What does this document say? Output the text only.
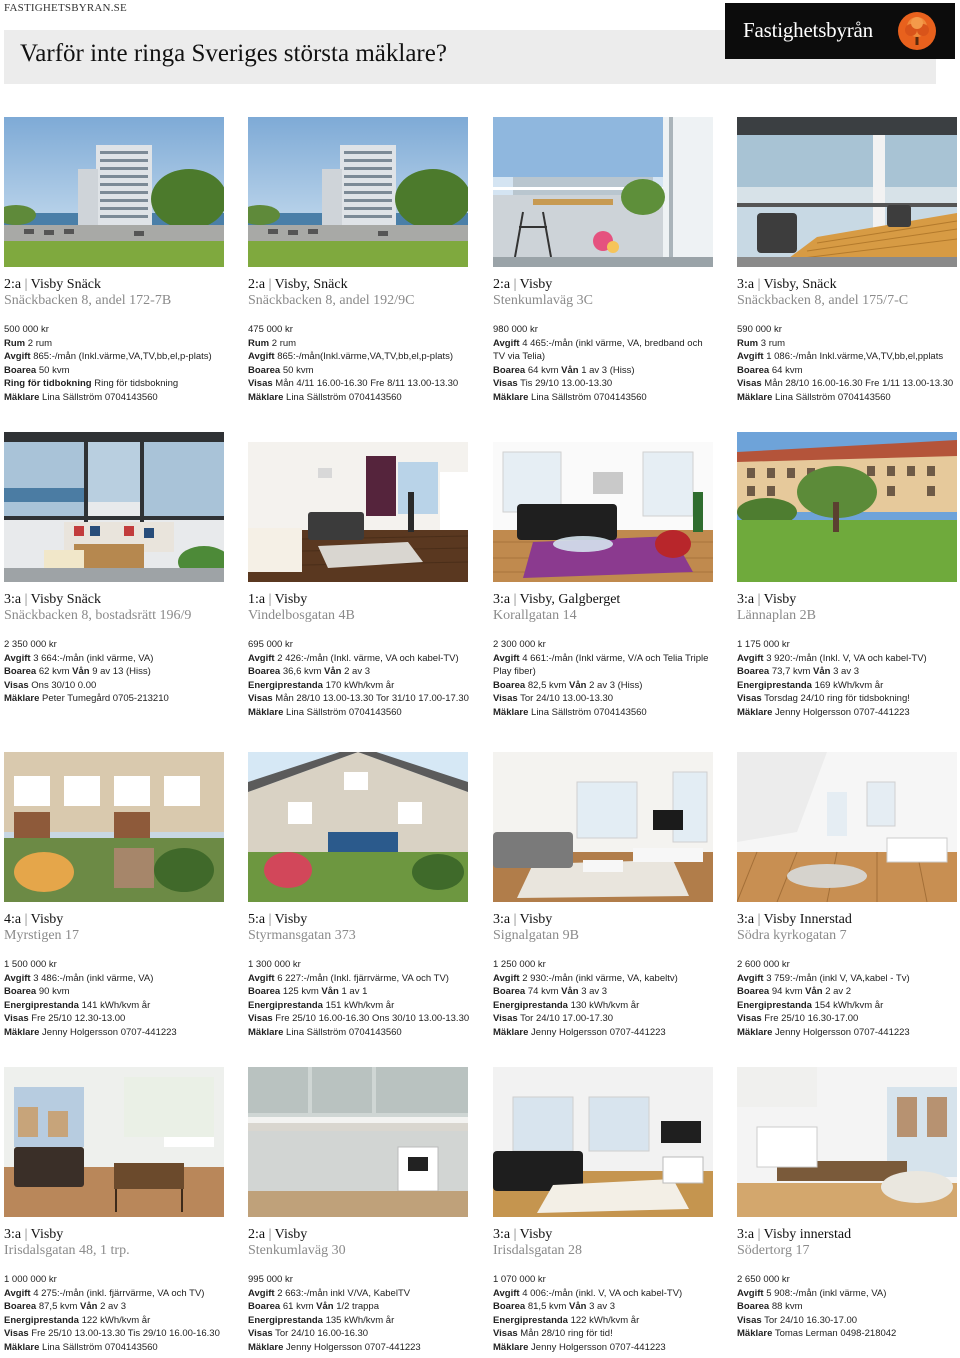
FASTIGHETSBYRAN.SE
Varför inte ringa Sveriges största mäklare?
Fastighetsbyrån
2:a | Visby Snäck
Snäckbacken 8, andel 172-7B
500 000 kr
Rum 2 rum
Avgift 865:-/mån (Inkl.värme,VA,TV,bb,el,p-plats)
Boarea 50 kvm
Ring för tidbokning Ring för tidsbokning
Mäklare Lina Sällström 0704143560
2:a | Visby, Snäck
Snäckbacken 8, andel 192/9C
475 000 kr
Rum 2 rum
Avgift 865:-/mån(Inkl.värme,VA,TV,bb,el,p-plats)
Boarea 50 kvm
Visas Mån 4/11 16.00-16.30 Fre 8/11 13.00-13.30
Mäklare Lina Sällström 0704143560
2:a | Visby
Stenkumlaväg 3C
980 000 kr
Avgift 4 465:-/mån (inkl värme, VA, bredband och TV via Telia)
Boarea 64 kvm Vån 1 av 3 (Hiss)
Visas Tis 29/10 13.00-13.30
Mäklare Lina Sällström 0704143560
3:a | Visby, Snäck
Snäckbacken 8, andel 175/7-C
590 000 kr
Rum 3 rum
Avgift 1 086:-/mån Inkl.värme,VA,TV,bb,el,pplats
Boarea 64 kvm
Visas Mån 28/10 16.00-16.30 Fre 1/11 13.00-13.30
Mäklare Lina Sällström 0704143560
3:a | Visby Snäck
Snäckbacken 8, bostadsrätt 196/9
2 350 000 kr
Avgift 3 664:-/mån (inkl värme, VA)
Boarea 62 kvm Vån 9 av 13 (Hiss)
Visas Ons 30/10 0.00
Mäklare Peter Tumegård 0705-213210
1:a | Visby
Vindelbosgatan 4B
695 000 kr
Avgift 2 426:-/mån (Inkl. värme, VA och kabel-TV)
Boarea 36,6 kvm Vån 2 av 3
Energiprestanda 170 kWh/kvm år
Visas Mån 28/10 13.00-13.30 Tor 31/10 17.00-17.30
Mäklare Lina Sällström 0704143560
3:a | Visby, Galgberget
Korallgatan 14
2 300 000 kr
Avgift 4 661:-/mån (Inkl värme, V/A och Telia Triple Play fiber)
Boarea 82,5 kvm Vån 2 av 3 (Hiss)
Visas Tor 24/10 13.00-13.30
Mäklare Lina Sällström 0704143560
3:a | Visby
Lännaplan 2B
1 175 000 kr
Avgift 3 920:-/mån (Inkl. V, VA och kabel-TV)
Boarea 73,7 kvm Vån 3 av 3
Energiprestanda 169 kWh/kvm år
Visas Torsdag 24/10 ring för tidsbokning!
Mäklare Jenny Holgersson 0707-441223
4:a | Visby
Myrstigen 17
1 500 000 kr
Avgift 3 486:-/mån (inkl värme, VA)
Boarea 90 kvm
Energiprestanda 141 kWh/kvm år
Visas Fre 25/10 12.30-13.00
Mäklare Jenny Holgersson 0707-441223
5:a | Visby
Styrmansgatan 373
1 300 000 kr
Avgift 6 227:-/mån (Inkl. fjärrvärme, VA och TV)
Boarea 125 kvm Vån 1 av 1
Energiprestanda 151 kWh/kvm år
Visas Fre 25/10 16.00-16.30 Ons 30/10 13.00-13.30
Mäklare Lina Sällström 0704143560
3:a | Visby
Signalgatan 9B
1 250 000 kr
Avgift 2 930:-/mån (inkl värme, VA, kabeltv)
Boarea 74 kvm Vån 3 av 3
Energiprestanda 130 kWh/kvm år
Visas Tor 24/10 17.00-17.30
Mäklare Jenny Holgersson 0707-441223
3:a | Visby Innerstad
Södra kyrkogatan 7
2 600 000 kr
Avgift 3 759:-/mån (inkl V, VA,kabel - Tv)
Boarea 94 kvm Vån 2 av 2
Energiprestanda 154 kWh/kvm år
Visas Fre 25/10 16.30-17.00
Mäklare Jenny Holgersson 0707-441223
3:a | Visby
Irisdalsgatan 48, 1 trp.
1 000 000 kr
Avgift 4 275:-/mån (inkl. fjärrvärme, VA och TV)
Boarea 87,5 kvm Vån 2 av 3
Energiprestanda 122 kWh/kvm år
Visas Fre 25/10 13.00-13.30 Tis 29/10 16.00-16.30
Mäklare Lina Sällström 0704143560
2:a | Visby
Stenkumlaväg 30
995 000 kr
Avgift 2 663:-/mån inkl V/VA, KabelTV
Boarea 61 kvm Vån 1/2 trappa
Energiprestanda 135 kWh/kvm år
Visas Tor 24/10 16.00-16.30
Mäklare Jenny Holgersson 0707-441223
3:a | Visby
Irisdalsgatan 28
1 070 000 kr
Avgift 4 006:-/mån (inkl. V, VA och kabel-TV)
Boarea 81,5 kvm Vån 3 av 3
Energiprestanda 122 kWh/kvm år
Visas Mån 28/10 ring för tid!
Mäklare Jenny Holgersson 0707-441223
3:a | Visby innerstad
Södertorg 17
2 650 000 kr
Avgift 5 908:-/mån (inkl värme, VA)
Boarea 88 kvm
Visas Tor 24/10 16.30-17.00
Mäklare Tomas Lerman 0498-218042
